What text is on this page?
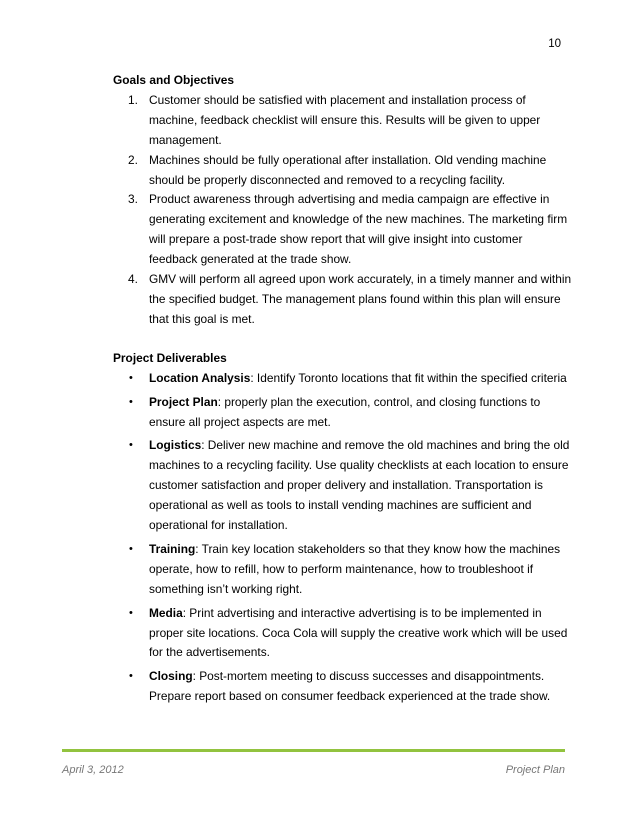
10

Goals and Objectives

1. Customer should be satisfied with placement and installation process of machine, feedback checklist will ensure this. Results will be given to upper management.
2. Machines should be fully operational after installation. Old vending machine should be properly disconnected and removed to a recycling facility.
3. Product awareness through advertising and media campaign are effective in generating excitement and knowledge of the new machines. The marketing firm will prepare a post-trade show report that will give insight into customer feedback generated at the trade show.
4. GMV will perform all agreed upon work accurately, in a timely manner and within the specified budget. The management plans found within this plan will ensure that this goal is met.

Project Deliverables

• Location Analysis: Identify Toronto locations that fit within the specified criteria
• Project Plan: properly plan the execution, control, and closing functions to ensure all project aspects are met.
• Logistics: Deliver new machine and remove the old machines and bring the old machines to a recycling facility. Use quality checklists at each location to ensure customer satisfaction and proper delivery and installation. Transportation is operational as well as tools to install vending machines are sufficient and operational for installation.
• Training: Train key location stakeholders so that they know how the machines operate, how to refill, how to perform maintenance, how to troubleshoot if something isn’t working right.
• Media: Print advertising and interactive advertising is to be implemented in proper site locations. Coca Cola will supply the creative work which will be used for the advertisements.
• Closing: Post-mortem meeting to discuss successes and disappointments. Prepare report based on consumer feedback experienced at the trade show.
April 3, 2012	Project Plan
